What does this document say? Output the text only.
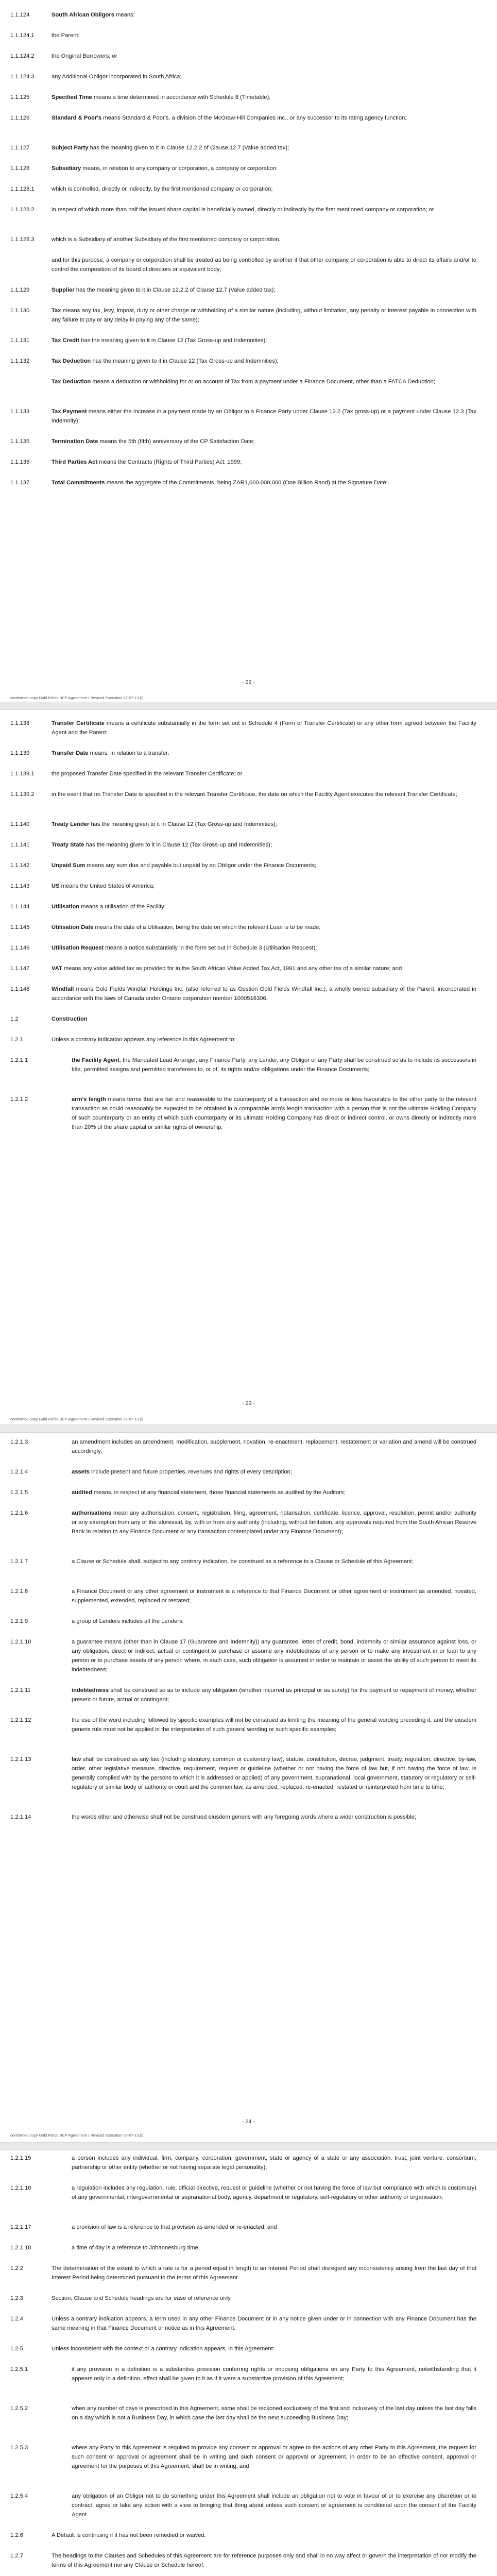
1.1.124	South African Obligors means:
1.1.124.1	the Parent;
1.1.124.2	the Original Borrowers; or
1.1.124.3	any Additional Obligor incorporated in South Africa;
1.1.125	Specified Time means a time determined in accordance with Schedule 8 (Timetable);
1.1.126	Standard & Poor's means Standard & Poor's, a division of the McGraw-Hill Companies Inc., or any successor to its rating agency function;
1.1.127	Subject Party has the meaning given to it in Clause 12.2.2 of Clause 12.7 (Value added tax);
1.1.128	Subsidiary means, in relation to any company or corporation, a company or corporation:
1.1.128.1	which is controlled, directly or indirectly, by the first mentioned company or corporation;
1.1.128.2	in respect of which more than half the issued share capital is beneficially owned, directly or indirectly by the first mentioned company or corporation; or
1.1.128.3	which is a Subsidiary of another Subsidiary of the first mentioned company or corporation,
and for this purpose, a company or corporation shall be treated as being controlled by another if that other company or corporation is able to direct its affairs and/or to control the composition of its board of directors or equivalent body;
1.1.129	Supplier has the meaning given to it in Clause 12.2.2 of Clause 12.7 (Value added tax);
1.1.130	Tax means any tax, levy, impost, duty or other charge or withholding of a similar nature (including, without limitation, any penalty or interest payable in connection with any failure to pay or any delay in paying any of the same);
1.1.131	Tax Credit has the meaning given to it in Clause 12 (Tax Gross-up and Indemnities);
1.1.132	Tax Deduction has the meaning given to it in Clause 12 (Tax Gross-up and Indemnities);
Tax Deduction means a deduction or withholding for or on account of Tax from a payment under a Finance Document, other than a FATCA Deduction;
1.1.133	Tax Payment means either the increase in a payment made by an Obligor to a Finance Party under Clause 12.2 (Tax gross-up) or a payment under Clause 12.3 (Tax indemnity);
1.1.135	Termination Date means the 5th (fifth) anniversary of the CP Satisfaction Date;
1.1.136	Third Parties Act means the Contracts (Rights of Third Parties) Act, 1999;
1.1.137	Total Commitments means the aggregate of the Commitments, being ZAR1,000,000,000 (One Billion Rand) at the Signature Date;
- 22 -
conformed copy Gold Fields BCP Agreement / Revised Execution 07-07-13.(i)
1.1.138	Transfer Certificate means a certificate substantially in the form set out in Schedule 4 (Form of Transfer Certificate) or any other form agreed between the Facility Agent and the Parent;
1.1.139	Transfer Date means, in relation to a transfer:
1.1.139.1	the proposed Transfer Date specified in the relevant Transfer Certificate; or
1.1.139.2	in the event that no Transfer Date is specified in the relevant Transfer Certificate, the date on which the Facility Agent executes the relevant Transfer Certificate;
1.1.140	Treaty Lender has the meaning given to it in Clause 12 (Tax Gross-up and Indemnities);
1.1.141	Treaty State has the meaning given to it in Clause 12 (Tax Gross-up and Indemnities);
1.1.142	Unpaid Sum means any sum due and payable but unpaid by an Obligor under the Finance Documents;
1.1.143	US means the United States of America;
1.1.144	Utilisation means a utilisation of the Facility;
1.1.145	Utilisation Date means the date of a Utilisation, being the date on which the relevant Loan is to be made;
1.1.146	Utilisation Request means a notice substantially in the form set out in Schedule 3 (Utilisation Request);
1.1.147	VAT means any value added tax as provided for in the South African Value Added Tax Act, 1991 and any other tax of a similar nature; and
1.1.148	Windfall means Gold Fields Windfall Holdings Inc. (also referred to as Gestion Gold Fields Windfall Inc.), a wholly owned subsidiary of the Parent, incorporated in accordance with the laws of Canada under Ontario corporation number 1000516306.
1.2	Construction
1.2.1	Unless a contrary indication appears any reference in this Agreement to:
1.2.1.1	the Facility Agent, the Mandated Lead Arranger, any Finance Party, any Lender, any Obligor or any Party shall be construed so as to include its successors in title, permitted assigns and permitted transferees to, or of, its rights and/or obligations under the Finance Documents;
1.2.1.2	arm's length means terms that are fair and reasonable to the counterparty of a transaction and no more or less favourable to the other party to the relevant transaction as could reasonably be expected to be obtained in a comparable arm's length transaction with a person that is not the ultimate Holding Company of such counterparty or an entity of which such counterparty or its ultimate Holding Company has direct or indirect control, or owns directly or indirectly more than 20% of the share capital or similar rights of ownership;
- 23 -
conformed copy Gold Fields BCP Agreement / Revised Execution 07-07-13.(i)
1.2.1.3	an amendment includes an amendment, modification, supplement, novation, re-enactment, replacement, restatement or variation and amend will be construed accordingly;
1.2.1.4	assets include present and future properties, revenues and rights of every description;
1.2.1.5	audited means, in respect of any financial statement, those financial statements as audited by the Auditors;
1.2.1.6	authorisations mean any authorisation, consent, registration, filing, agreement, notarisation, certificate, licence, approval, resolution, permit and/or authority or any exemption from any of the aforesaid, by, with or from any authority (including, without limitation, any approvals required from the South African Reserve Bank in relation to any Finance Document or any transaction contemplated under any Finance Document);
1.2.1.7	a Clause or Schedule shall, subject to any contrary indication, be construed as a reference to a Clause or Schedule of this Agreement;
1.2.1.8	a Finance Document or any other agreement or instrument is a reference to that Finance Document or other agreement or instrument as amended, novated, supplemented, extended, replaced or restated;
1.2.1.9	a group of Lenders includes all the Lenders;
1.2.1.10	a guarantee means (other than in Clause 17 (Guarantee and Indemnity)) any guarantee, letter of credit, bond, indemnity or similar assurance against loss, or any obligation, direct or indirect, actual or contingent to purchase or assume any indebtedness of any person or to make any investment in or loan to any person or to purchase assets of any person where, in each case, such obligation is assumed in order to maintain or assist the ability of such person to meet its indebtedness;
1.2.1.11	indebtedness shall be construed so as to include any obligation (whether incurred as principal or as surety) for the payment or repayment of money, whether present or future, actual or contingent;
1.2.1.12	the use of the word including followed by specific examples will not be construed as limiting the meaning of the general wording preceding it, and the eiusdem generis rule must not be applied in the interpretation of such general wording or such specific examples;
1.2.1.13	law shall be construed as any law (including statutory, common or customary law), statute, constitution, decree, judgment, treaty, regulation, directive, by-law, order, other legislative measure, directive, requirement, request or guideline (whether or not having the force of law but, if not having the force of law, is generally complied with by the persons to which it is addressed or applied) of any government, supranational, local government, statutory or regulatory or self-regulatory or similar body or authority or court and the common law, as amended, replaced, re-enacted, restated or reinterpreted from time to time;
1.2.1.14	the words other and otherwise shall not be construed eiusdem generis with any foregoing words where a wider construction is possible;
- 24 -
conformed copy Gold Fields BCP Agreement / Revised Execution 07-07-13.(i)
1.2.1.15	a person includes any individual, firm, company, corporation, government, state or agency of a state or any association, trust, joint venture, consortium, partnership or other entity (whether or not having separate legal personality);
1.2.1.16	a regulation includes any regulation, rule, official directive, request or guideline (whether or not having the force of law but compliance with which is customary) of any governmental, intergovernmental or supranational body, agency, department or regulatory, self-regulatory or other authority or organisation;
1.2.1.17	a provision of law is a reference to that provision as amended or re-enacted; and
1.2.1.18	a time of day is a reference to Johannesburg time.
1.2.2	The determination of the extent to which a rate is for a period equal in length to an Interest Period shall disregard any inconsistency arising from the last day of that Interest Period being determined pursuant to the terms of this Agreement.
1.2.3	Section, Clause and Schedule headings are for ease of reference only.
1.2.4	Unless a contrary indication appears, a term used in any other Finance Document or in any notice given under or in connection with any Finance Document has the same meaning in that Finance Document or notice as in this Agreement.
1.2.5	Unless inconsistent with the context or a contrary indication appears, in this Agreement:
1.2.5.1	if any provision in a definition is a substantive provision conferring rights or imposing obligations on any Party to this Agreement, notwithstanding that it appears only in a definition, effect shall be given to it as if it were a substantive provision of this Agreement;
1.2.5.2	when any number of days is prescribed in this Agreement, same shall be reckoned exclusively of the first and inclusively of the last day unless the last day falls on a day which is not a Business Day, in which case the last day shall be the next succeeding Business Day;
1.2.5.3	where any Party to this Agreement is required to provide any consent or approval or agree to the actions of any other Party to this Agreement, the request for such consent or approval or agreement shall be in writing and such consent or approval or agreement, in order to be an effective consent, approval or agreement for the purposes of this Agreement, shall be in writing; and
1.2.5.4	any obligation of an Obligor not to do something under this Agreement shall include an obligation not to vote in favour of or to exercise any discretion or to contract, agree or take any action with a view to bringing that thing about unless such consent or agreement is conditional upon the consent of the Facility Agent.
1.2.6	A Default is continuing if it has not been remedied or waived.
1.2.7	The headings to the Clauses and Schedules of this Agreement are for reference purposes only and shall in no way affect or govern the interpretation of nor modify the terms of this Agreement nor any Clause or Schedule hereof.
